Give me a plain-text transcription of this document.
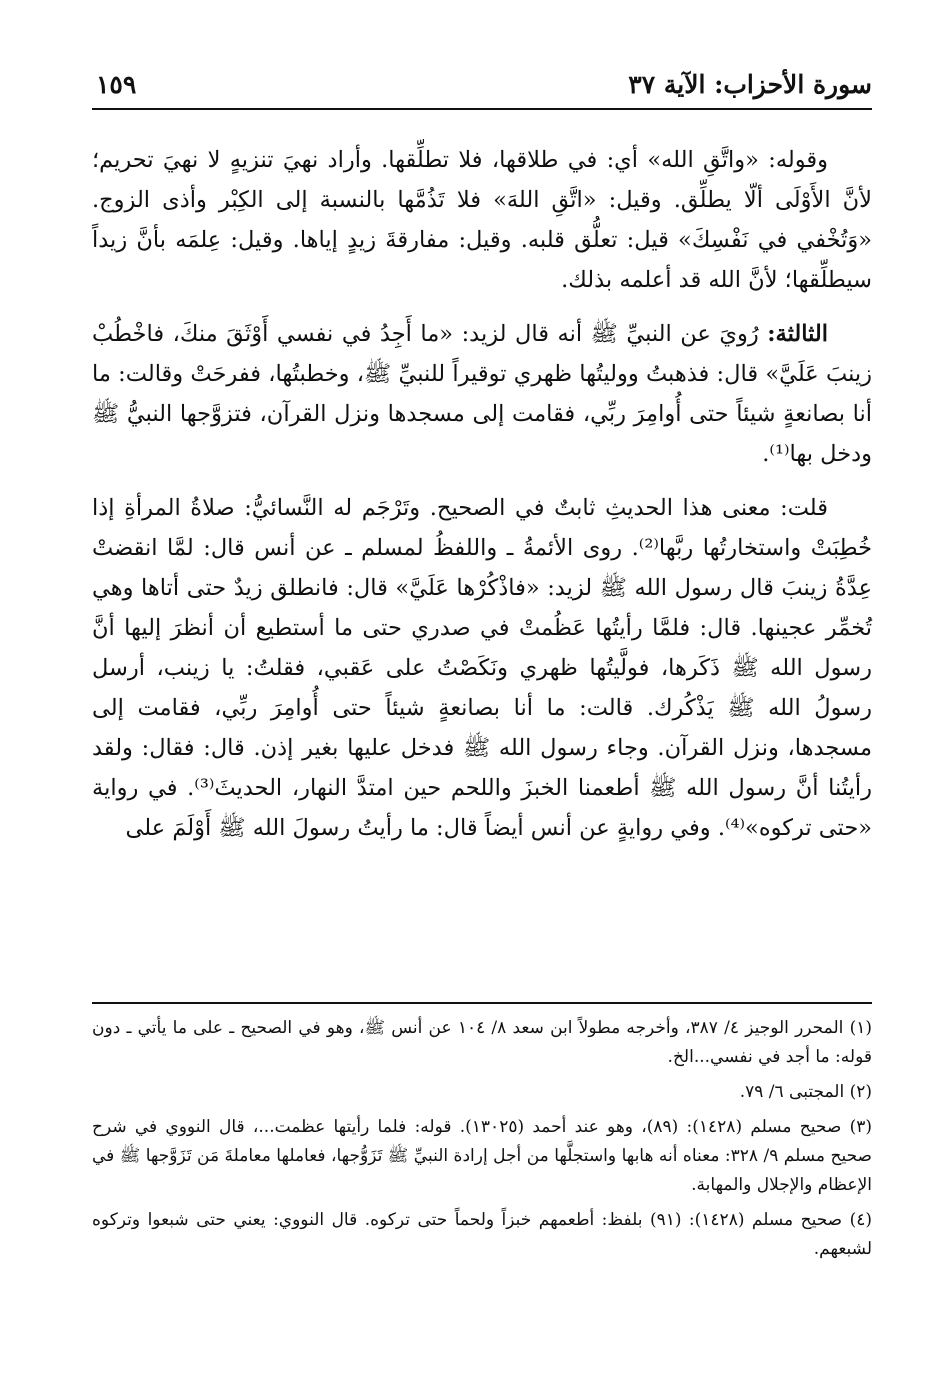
سورة الأحزاب: الآية ٣٧
١٥٩

وقوله: «واتَّقِ الله» أي: في طلاقها، فلا تطلِّقها. وأراد نهيَ تنزيهٍ لا نهيَ تحريم؛ لأنَّ الأَوْلَى ألّا يطلِّق. وقيل: «اتَّقِ اللهَ» فلا تَذُمَّها بالنسبة إلى الكِبْر وأذى الزوج. «وَتُخْفي في نَفْسِكَ» قيل: تعلُّق قلبه. وقيل: مفارقةَ زيدٍ إياها. وقيل: عِلمَه بأنَّ زيداً سيطلِّقها؛ لأنَّ الله قد أعلمه بذلك.

الثالثة: رُويَ عن النبيِّ ﷺ أنه قال لزيد: «ما أَجِدُ في نفسي أَوْثَقَ منكَ، فاخْطُبْ زينبَ عَلَيَّ» قال: فذهبتُ ووليتُها ظهري توقيراً للنبيِّ ﷺ، وخطبتُها، ففرحَتْ وقالت: ما أنا بصانعةٍ شيئاً حتى أُوامِرَ ربِّي، فقامت إلى مسجدها ونزل القرآن، فتزوَّجها النبيُّ ﷺ ودخل بها⁽¹⁾.

قلت: معنى هذا الحديثِ ثابتٌ في الصحيح. وتَرْجَم له النَّسائيُّ: صلاةُ المرأةِ إذا خُطِبَتْ واستخارتُها ربَّها⁽²⁾. روى الأئمةُ ـ واللفظُ لمسلم ـ عن أنس قال: لمَّا انقضتْ عِدَّةُ زينبَ قال رسول الله ﷺ لزيد: «فاذْكُرْها عَلَيَّ» قال: فانطلق زيدٌ حتى أتاها وهي تُخمِّر عجينها. قال: فلمَّا رأيتُها عَظُمتْ في صدري حتى ما أستطيع أن أنظرَ إليها أنَّ رسول الله ﷺ ذَكَرها، فولَّيتُها ظهري ونَكَصْتُ على عَقبي، فقلتُ: يا زينب، أرسل رسولُ الله ﷺ يَذْكُرك. قالت: ما أنا بصانعةٍ شيئاً حتى أُوامِرَ ربِّي، فقامت إلى مسجدها، ونزل القرآن. وجاء رسول الله ﷺ فدخل عليها بغير إذن. قال: فقال: ولقد رأيتُنا أنَّ رسول الله ﷺ أطعمنا الخبزَ واللحم حين امتدَّ النهار، الحديثَ⁽³⁾. في رواية «حتى تركوه»⁽⁴⁾. وفي روايةٍ عن أنس أيضاً قال: ما رأيتُ رسولَ الله ﷺ أَوْلَمَ على

(١) المحرر الوجيز ٤/ ٣٨٧، وأخرجه مطولاً ابن سعد ٨/ ١٠٤ عن أنس ﷺ، وهو في الصحيح ـ على ما يأتي ـ دون قوله: ما أجد في نفسي...الخ.

(٢) المجتبى ٦/ ٧٩.

(٣) صحيح مسلم (١٤٢٨): (٨٩)، وهو عند أحمد (١٣٠٢٥). قوله: فلما رأيتها عظمت...، قال النووي في شرح صحيح مسلم ٩/ ٣٢٨: معناه أنه هابها واستجلَّها من أجل إرادة النبيِّ ﷺ تَزَوُّجها، فعاملها معاملةَ مَن تَزَوَّجها ﷺ في الإعظام والإجلال والمهابة.

(٤) صحيح مسلم (١٤٢٨): (٩١) بلفظ: أطعمهم خبزاً ولحماً حتى تركوه. قال النووي: يعني حتى شبعوا وتركوه لشبعهم.
